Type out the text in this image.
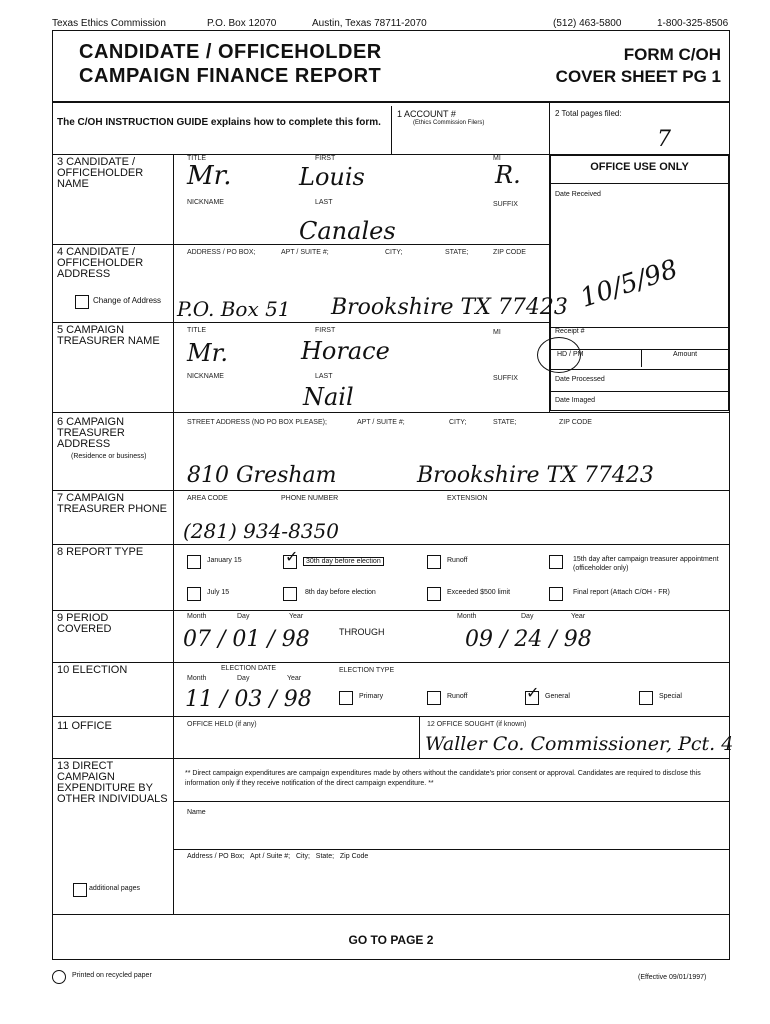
Texas Ethics Commission	P.O. Box 12070	Austin, Texas 78711-2070	(512) 463-5800	1-800-325-8506
CANDIDATE / OFFICEHOLDER
CAMPAIGN FINANCE REPORT
FORM C/OH
COVER SHEET PG 1
The C/OH INSTRUCTION GUIDE explains how to complete this form.
1 ACCOUNT #
(Ethics Commission Filers)
2 Total pages filed:
7
3 CANDIDATE / OFFICEHOLDER NAME
TITLE	FIRST	MI
Mr.	Louis	R.
NICKNAME	LAST	SUFFIX
Canales
4 CANDIDATE / OFFICEHOLDER ADDRESS
Change of Address
ADDRESS / PO BOX;	APT / SUITE #;	CITY;	STATE;	ZIP CODE
P.O. Box 51 Brookshire TX 77423
5 CAMPAIGN TREASURER NAME
TITLE	FIRST	MI
Mr.	Horace
NICKNAME	LAST	SUFFIX
Nail
OFFICE USE ONLY
Date Received
10/5/98
Receipt #
HD / PM	Amount
Date Processed
Date Imaged
6 CAMPAIGN TREASURER ADDRESS
(Residence or business)
STREET ADDRESS (NO PO BOX PLEASE);	APT / SUITE #;	CITY;	STATE;	ZIP CODE
810 Gresham	Brookshire TX 77423
7 CAMPAIGN TREASURER PHONE
AREA CODE	PHONE NUMBER	EXTENSION
(281) 934-8350
8 REPORT TYPE
January 15	✓	30th day before election	Runoff	15th day after campaign treasurer appointment (officeholder only)
July 15	8th day before election	Exceeded $500 limit	Final report (Attach C/OH - FR)
9 PERIOD COVERED
Month	Day	Year
THROUGH
Month	Day	Year
07 / 01 / 98	09 / 24 / 98
10 ELECTION	ELECTION DATE
Month	Day	Year
ELECTION TYPE
11 / 03 / 98	Primary	Runoff	✓ General	Special
11 OFFICE	OFFICE HELD (if any)	12 OFFICE SOUGHT (if known)
Waller Co. Commissioner, Pct. 4
13 DIRECT CAMPAIGN EXPENDITURE BY OTHER INDIVIDUALS
** Direct campaign expenditures are campaign expenditures made by others without the candidate's prior consent or approval. Candidates are required to disclose this information only if they receive notification of the direct campaign expenditure. **
Name
Address / PO Box;   Apt / Suite #;   City;   State;   Zip Code
additional pages
GO TO PAGE 2
Printed on recycled paper	(Effective 09/01/1997)
